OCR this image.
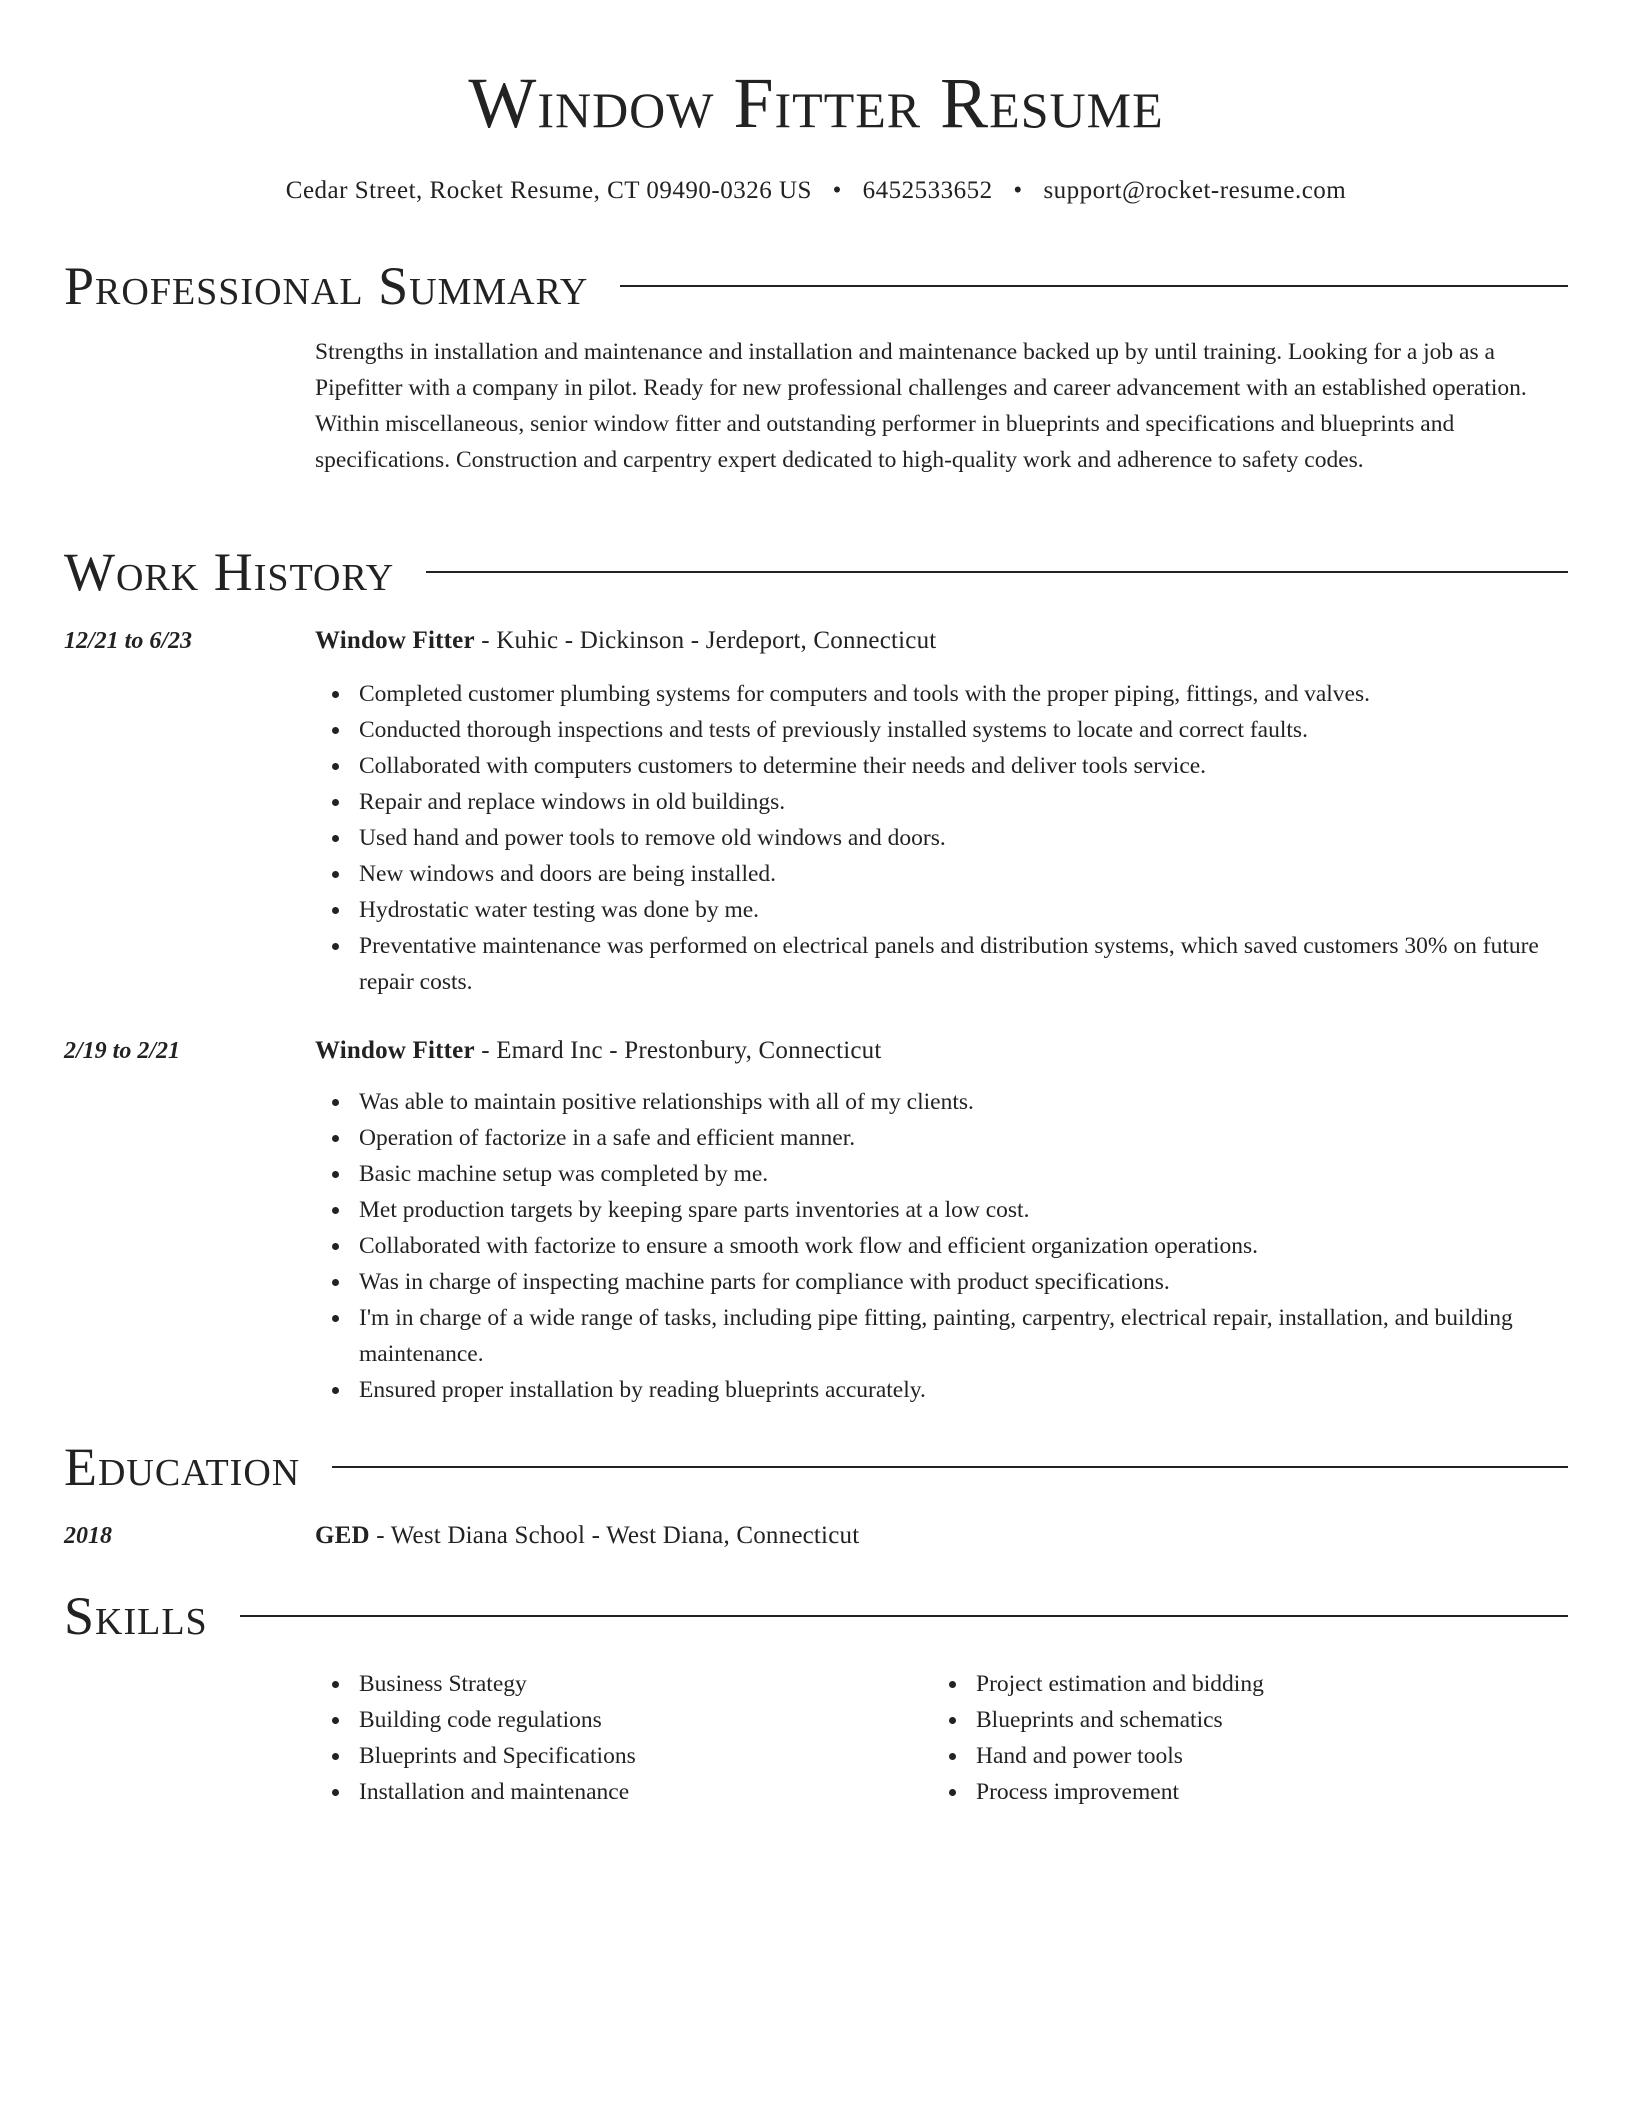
Window Fitter Resume
Cedar Street, Rocket Resume, CT 09490-0326 US • 6452533652 • support@rocket-resume.com
Professional Summary

Strengths in installation and maintenance and installation and maintenance backed up by until training. Looking for a job as a Pipefitter with a company in pilot. Ready for new professional challenges and career advancement with an established operation. Within miscellaneous, senior window fitter and outstanding performer in blueprints and specifications and blueprints and specifications. Construction and carpentry expert dedicated to high-quality work and adherence to safety codes.

Work History
12/21 to 6/23	Window Fitter - Kuhic - Dickinson - Jerdeport, Connecticut
Completed customer plumbing systems for computers and tools with the proper piping, fittings, and valves.
Conducted thorough inspections and tests of previously installed systems to locate and correct faults.
Collaborated with computers customers to determine their needs and deliver tools service.
Repair and replace windows in old buildings.
Used hand and power tools to remove old windows and doors.
New windows and doors are being installed.
Hydrostatic water testing was done by me.
Preventative maintenance was performed on electrical panels and distribution systems, which saved customers 30% on future repair costs.
2/19 to 2/21	Window Fitter - Emard Inc - Prestonbury, Connecticut
Was able to maintain positive relationships with all of my clients.
Operation of factorize in a safe and efficient manner.
Basic machine setup was completed by me.
Met production targets by keeping spare parts inventories at a low cost.
Collaborated with factorize to ensure a smooth work flow and efficient organization operations.
Was in charge of inspecting machine parts for compliance with product specifications.
I'm in charge of a wide range of tasks, including pipe fitting, painting, carpentry, electrical repair, installation, and building maintenance.
Ensured proper installation by reading blueprints accurately.
Education
2018	GED - West Diana School - West Diana, Connecticut
Skills
Business Strategy
Building code regulations
Blueprints and Specifications
Installation and maintenance
Project estimation and bidding
Blueprints and schematics
Hand and power tools
Process improvement
